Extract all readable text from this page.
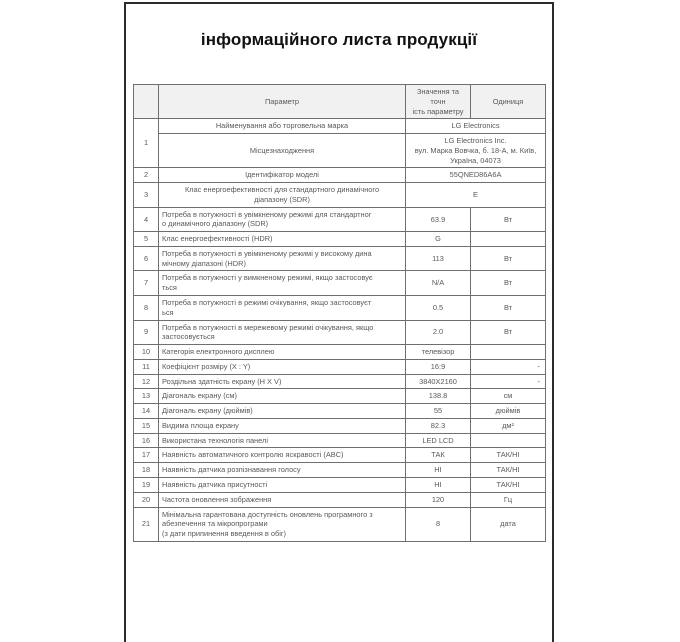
інформаційного листа продукції
	Параметр	Значення та точн
ість параметру	Одиниця
1	Найменування або торговельна марка	LG Electronics	
	Місцезнаходження	LG Electronics Inc.
вул. Марка Вовчка, б. 18-А, м. Київ,
Україна, 04073	

2	Ідентифікатор моделі	55QNED86A6A	
3	Клас енергоефективності для стандартного динамічного
діапазону (SDR)	E	
4	Потреба в потужності в увімкненому режимі для стандартног
о динамічного діапазону (SDR)	63.9	Вт
5	Клас енергоефективності (HDR)	G	
6	Потреба в потужності в увімкненому режимі у високому дина
мічному діапазоні (HDR)	113	Вт
7	Потреба в потужності у вимкненому режимі, якщо застосовує
ться	N/A	Вт
8	Потреба в потужності в режимі очікування, якщо застосовуєт
ься	0.5	Вт
9	Потреба в потужності в мережевому режимі очікування, якщо
застосовується	2.0	Вт
10	Категорія електронного дисплею	телевізор	
11	Коефіцієнт розміру (X : Y)	16:9	-
12	Роздільна здатність екрану (H X V)	3840X2160	-
13	Діагональ екрану (см)	138.8	см
14	Діагональ екрану (дюймів)	55	дюймів
15	Видима площа екрану	82.3	дм²
16	Використана технологія панелі	LED LCD	
17	Наявність автоматичного контролю яскравості (ABC)	ТАК	ТАК/НІ
18	Наявність датчика розпізнавання голосу	НІ	ТАК/НІ
19	Наявність датчика присутності	НІ	ТАК/НІ
20	Частота оновлення зображення	120	Гц
21	Мінімальна гарантована доступність оновлень програмного з
абезпечення та мікропрограми
(з дати припинення введення в обіг)	8	дата
